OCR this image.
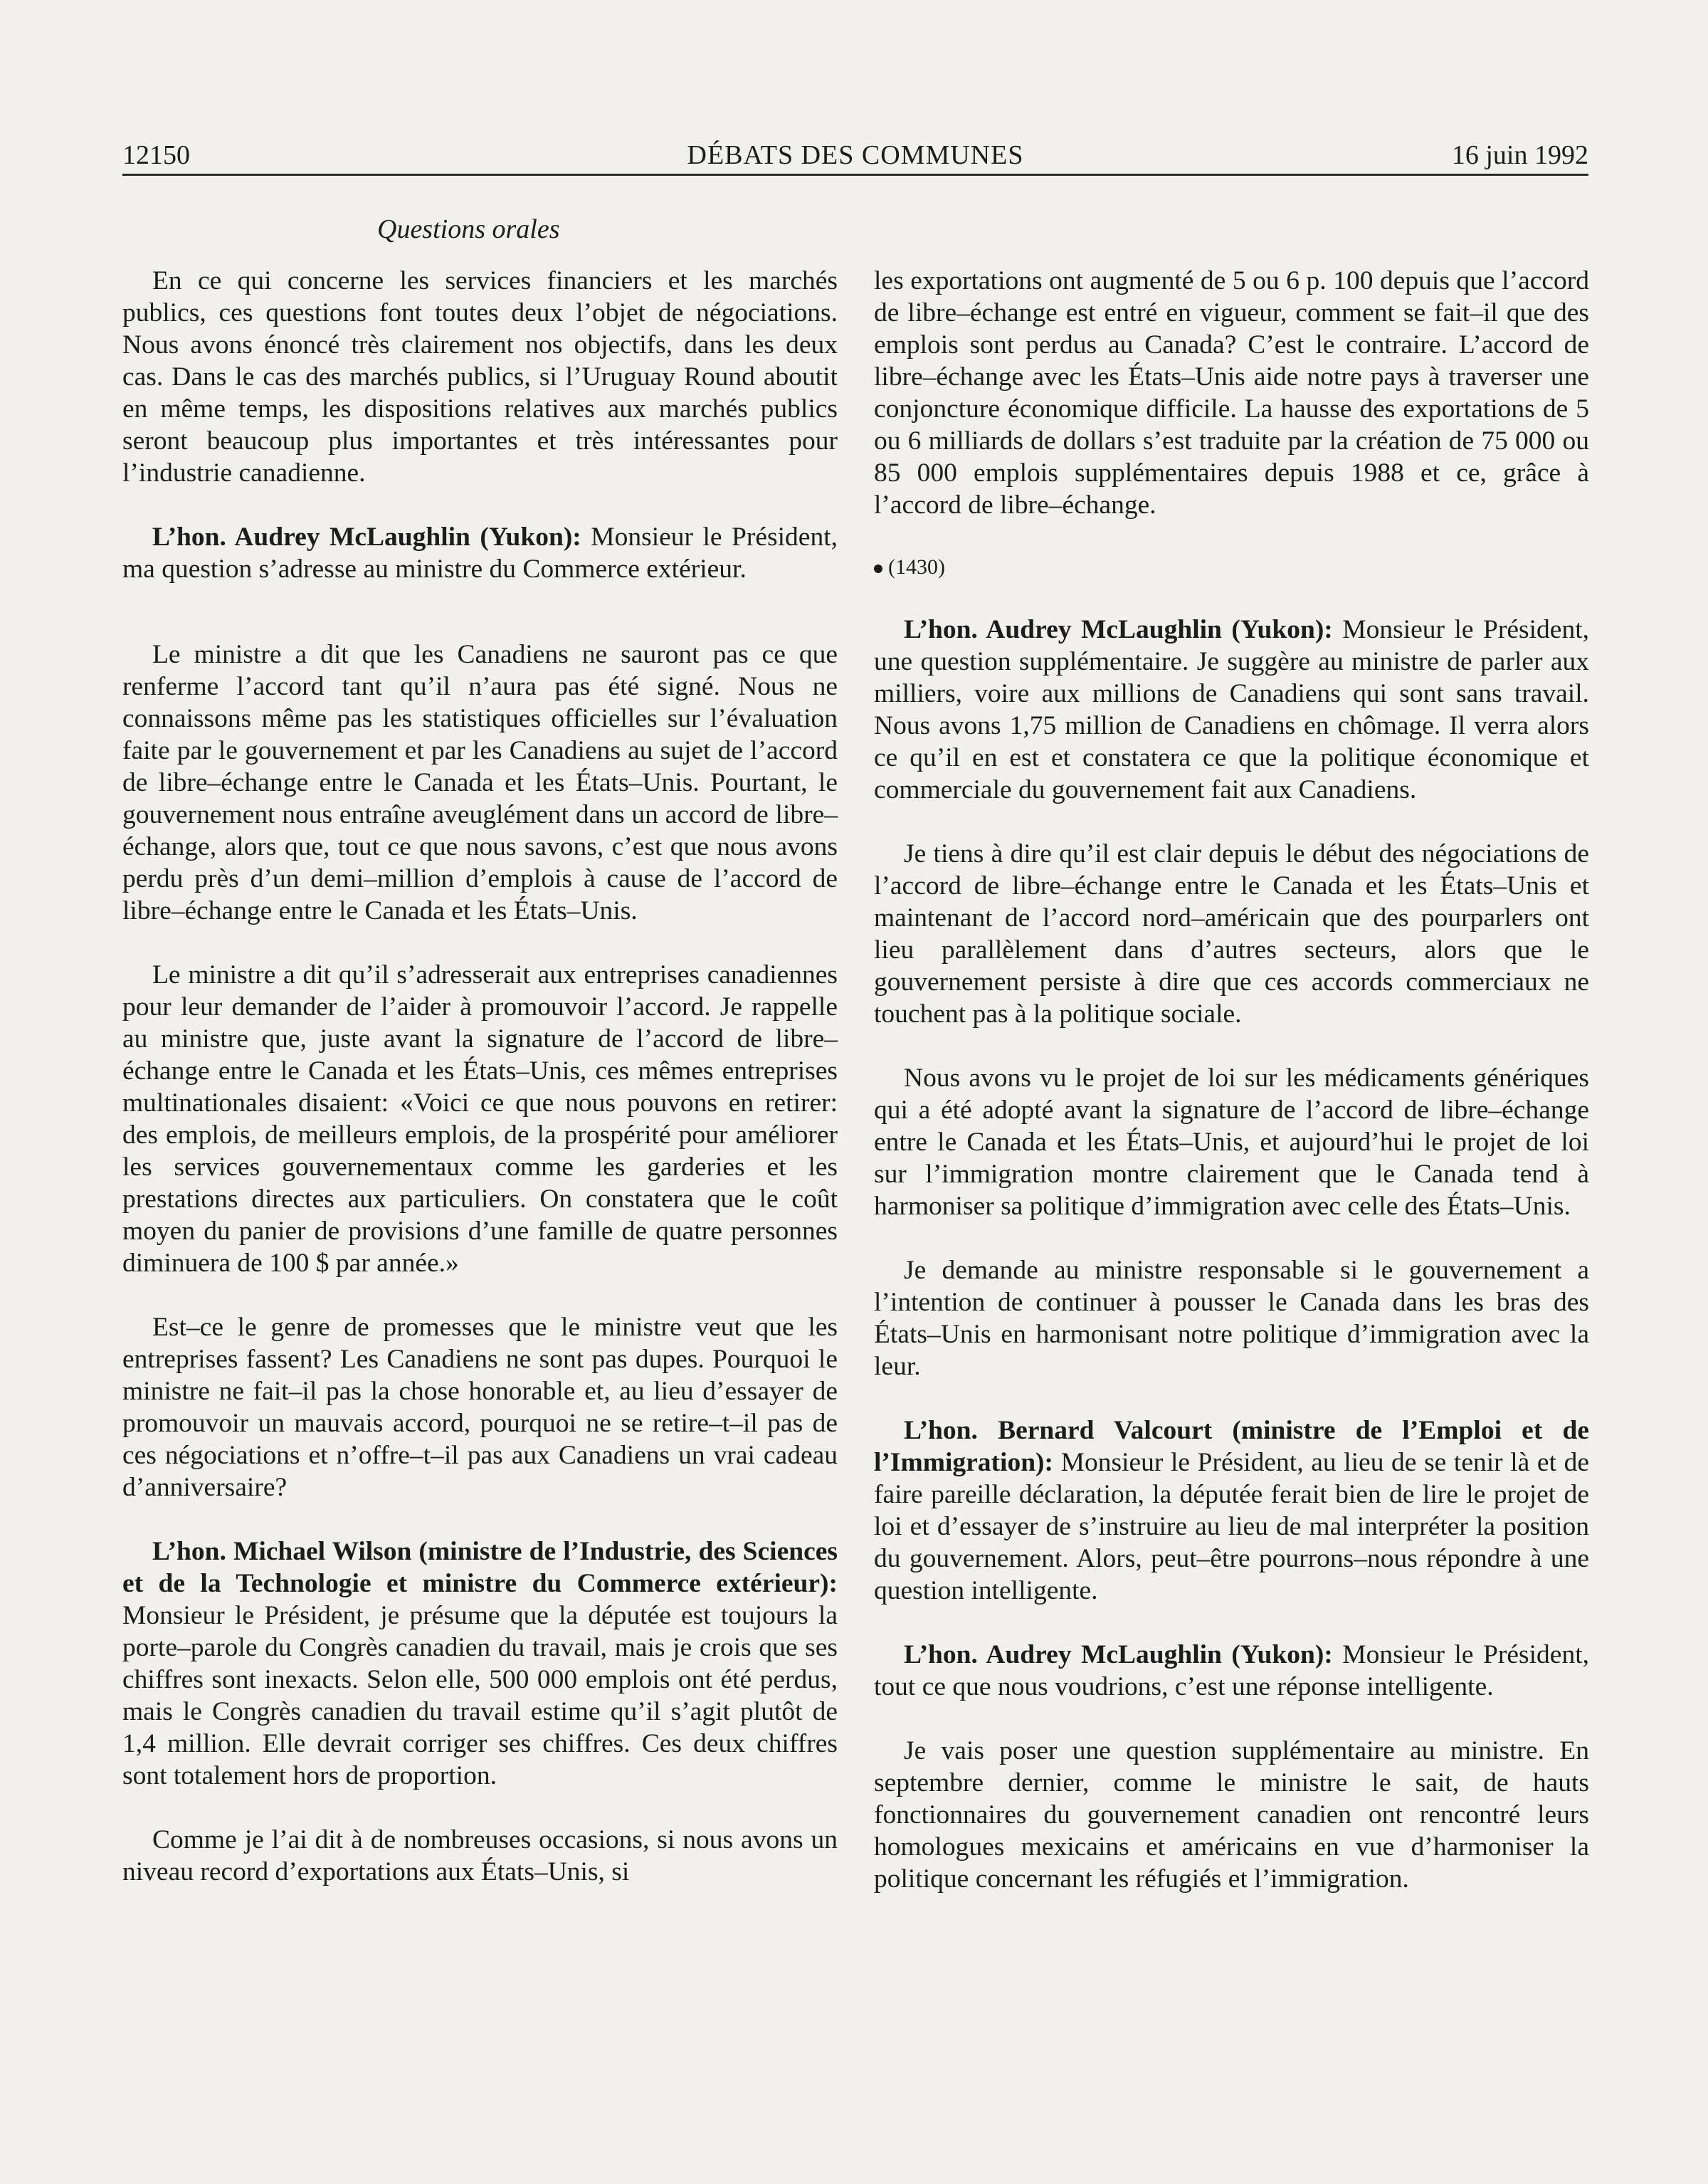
12150	DÉBATS DES COMMUNES	16 juin 1992
Questions orales

En ce qui concerne les services financiers et les marchés publics, ces questions font toutes deux l’objet de négociations. Nous avons énoncé très clairement nos objectifs, dans les deux cas. Dans le cas des marchés publics, si l’Uruguay Round aboutit en même temps, les dispositions relatives aux marchés publics seront beaucoup plus importantes et très intéressantes pour l’industrie canadienne.

L’hon. Audrey McLaughlin (Yukon): Monsieur le Président, ma question s’adresse au ministre du Commerce extérieur.

Le ministre a dit que les Canadiens ne sauront pas ce que renferme l’accord tant qu’il n’aura pas été signé. Nous ne connaissons même pas les statistiques officielles sur l’évaluation faite par le gouvernement et par les Canadiens au sujet de l’accord de libre–échange entre le Canada et les États–Unis. Pourtant, le gouvernement nous entraîne aveuglément dans un accord de libre–échange, alors que, tout ce que nous savons, c’est que nous avons perdu près d’un demi–million d’emplois à cause de l’accord de libre–échange entre le Canada et les États–Unis.

Le ministre a dit qu’il s’adresserait aux entreprises canadiennes pour leur demander de l’aider à promouvoir l’accord. Je rappelle au ministre que, juste avant la signature de l’accord de libre–échange entre le Canada et les États–Unis, ces mêmes entreprises multinationales disaient: «Voici ce que nous pouvons en retirer: des emplois, de meilleurs emplois, de la prospérité pour améliorer les services gouvernementaux comme les garderies et les prestations directes aux particuliers. On constatera que le coût moyen du panier de provisions d’une famille de quatre personnes diminuera de 100 $ par année.»

Est–ce le genre de promesses que le ministre veut que les entreprises fassent? Les Canadiens ne sont pas dupes. Pourquoi le ministre ne fait–il pas la chose honorable et, au lieu d’essayer de promouvoir un mauvais accord, pourquoi ne se retire–t–il pas de ces négociations et n’offre–t–il pas aux Canadiens un vrai cadeau d’anniversaire?

L’hon. Michael Wilson (ministre de l’Industrie, des Sciences et de la Technologie et ministre du Commerce extérieur): Monsieur le Président, je présume que la députée est toujours la porte–parole du Congrès canadien du travail, mais je crois que ses chiffres sont inexacts. Selon elle, 500 000 emplois ont été perdus, mais le Congrès canadien du travail estime qu’il s’agit plutôt de 1,4 million. Elle devrait corriger ses chiffres. Ces deux chiffres sont totalement hors de proportion.

Comme je l’ai dit à de nombreuses occasions, si nous avons un niveau record d’exportations aux États–Unis, si

les exportations ont augmenté de 5 ou 6 p. 100 depuis que l’accord de libre–échange est entré en vigueur, comment se fait–il que des emplois sont perdus au Canada? C’est le contraire. L’accord de libre–échange avec les États–Unis aide notre pays à traverser une conjoncture économique difficile. La hausse des exportations de 5 ou 6 milliards de dollars s’est traduite par la création de 75 000 ou 85 000 emplois supplémentaires depuis 1988 et ce, grâce à l’accord de libre–échange.

(1430)

L’hon. Audrey McLaughlin (Yukon): Monsieur le Président, une question supplémentaire. Je suggère au ministre de parler aux milliers, voire aux millions de Canadiens qui sont sans travail. Nous avons 1,75 million de Canadiens en chômage. Il verra alors ce qu’il en est et constatera ce que la politique économique et commerciale du gouvernement fait aux Canadiens.

Je tiens à dire qu’il est clair depuis le début des négociations de l’accord de libre–échange entre le Canada et les États–Unis et maintenant de l’accord nord–américain que des pourparlers ont lieu parallèlement dans d’autres secteurs, alors que le gouvernement persiste à dire que ces accords commerciaux ne touchent pas à la politique sociale.

Nous avons vu le projet de loi sur les médicaments génériques qui a été adopté avant la signature de l’accord de libre–échange entre le Canada et les États–Unis, et aujourd’hui le projet de loi sur l’immigration montre clairement que le Canada tend à harmoniser sa politique d’immigration avec celle des États–Unis.

Je demande au ministre responsable si le gouvernement a l’intention de continuer à pousser le Canada dans les bras des États–Unis en harmonisant notre politique d’immigration avec la leur.

L’hon. Bernard Valcourt (ministre de l’Emploi et de l’Immigration): Monsieur le Président, au lieu de se tenir là et de faire pareille déclaration, la députée ferait bien de lire le projet de loi et d’essayer de s’instruire au lieu de mal interpréter la position du gouvernement. Alors, peut–être pourrons–nous répondre à une question intelligente.

L’hon. Audrey McLaughlin (Yukon): Monsieur le Président, tout ce que nous voudrions, c’est une réponse intelligente.

Je vais poser une question supplémentaire au ministre. En septembre dernier, comme le ministre le sait, de hauts fonctionnaires du gouvernement canadien ont rencontré leurs homologues mexicains et américains en vue d’harmoniser la politique concernant les réfugiés et l’immigration.
